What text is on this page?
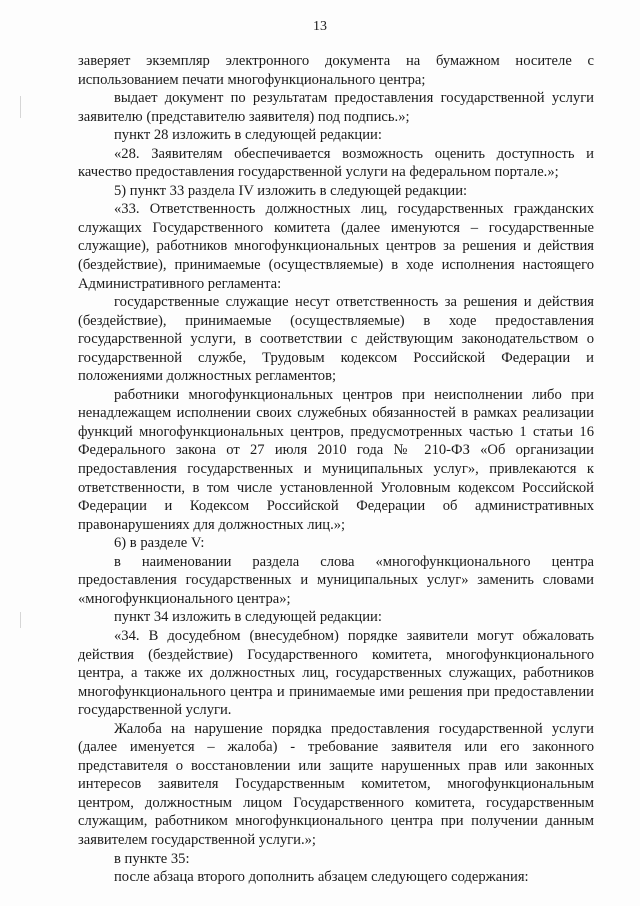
13

заверяет экземпляр электронного документа на бумажном носителе с использованием печати многофункционального центра;

выдает документ по результатам предоставления государственной услуги заявителю (представителю заявителя) под подпись.»;

пункт 28 изложить в следующей редакции:

«28. Заявителям обеспечивается возможность оценить доступность и качество предоставления государственной услуги на федеральном портале.»;

5) пункт 33 раздела IV изложить в следующей редакции:

«33. Ответственность должностных лиц, государственных гражданских служащих Государственного комитета (далее именуются – государственные служащие), работников многофункциональных центров за решения и действия (бездействие), принимаемые (осуществляемые) в ходе исполнения настоящего Административного регламента:

государственные служащие несут ответственность за решения и действия (бездействие), принимаемые (осуществляемые) в ходе предоставления государственной услуги, в соответствии с действующим законодательством о государственной службе, Трудовым кодексом Российской Федерации и положениями должностных регламентов;

работники многофункциональных центров при неисполнении либо при ненадлежащем исполнении своих служебных обязанностей в рамках реализации функций многофункциональных центров, предусмотренных частью 1 статьи 16 Федерального закона от 27 июля 2010 года № 210-ФЗ «Об организации предоставления государственных и муниципальных услуг», привлекаются к ответственности, в том числе установленной Уголовным кодексом Российской Федерации и Кодексом Российской Федерации об административных правонарушениях для должностных лиц.»;

6) в разделе V:

в наименовании раздела слова «многофункционального центра предоставления государственных и муниципальных услуг» заменить словами «многофункционального центра»;

пункт 34 изложить в следующей редакции:

«34. В досудебном (внесудебном) порядке заявители могут обжаловать действия (бездействие) Государственного комитета, многофункционального центра, а также их должностных лиц, государственных служащих, работников многофункционального центра и принимаемые ими решения при предоставлении государственной услуги.

Жалоба на нарушение порядка предоставления государственной услуги (далее именуется – жалоба) - требование заявителя или его законного представителя о восстановлении или защите нарушенных прав или законных интересов заявителя Государственным комитетом, многофункциональным центром, должностным лицом Государственного комитета, государственным служащим, работником многофункционального центра при получении данным заявителем государственной услуги.»;

в пункте 35:

после абзаца второго дополнить абзацем следующего содержания:
